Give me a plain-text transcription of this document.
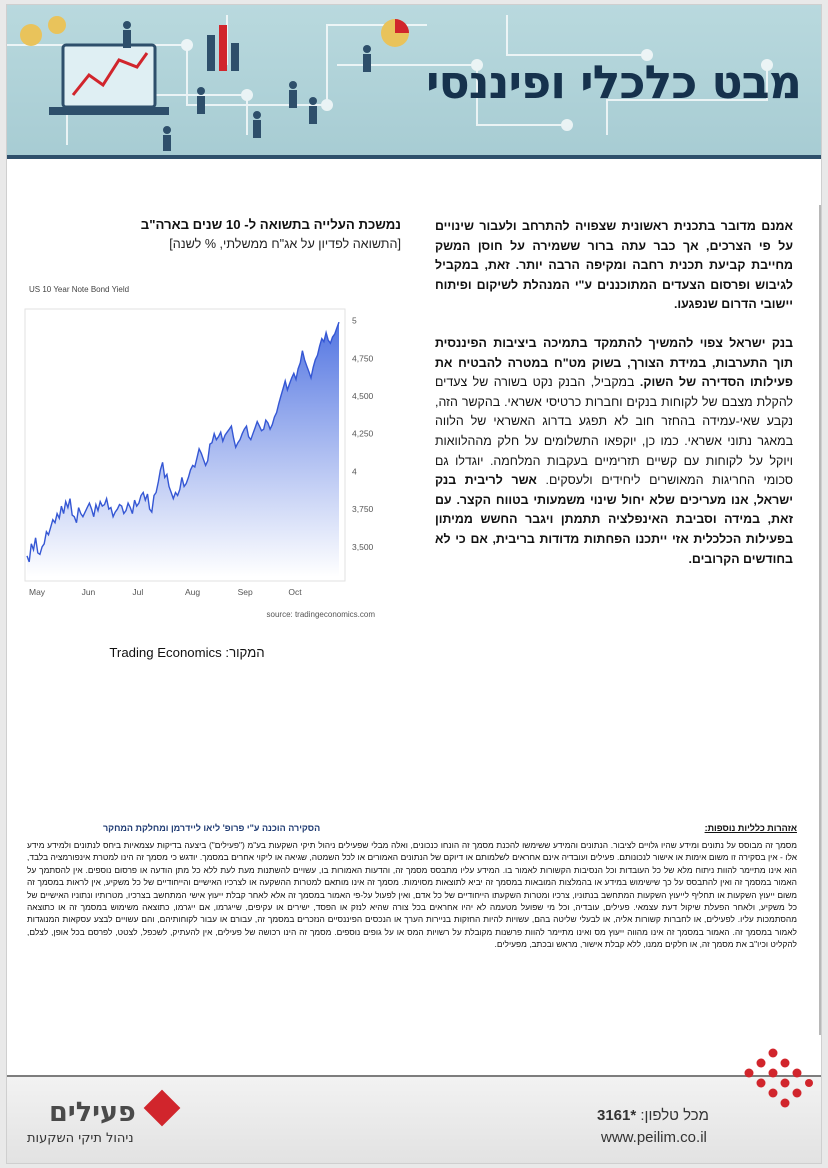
מבט כלכלי ופיננסי

אמנם מדובר בתכנית ראשונית שצפויה להתרחב ולעבור שינויים על פי הצרכים, אך כבר עתה ברור ששמירה על חוסן המשק מחייבת קביעת תכנית רחבה ומקיפה הרבה יותר. זאת, במקביל לגיבוש ופרסום הצעדים המתוכננים ע"י המנהלת לשיקום ופיתוח יישובי הדרום שנפגעו.

בנק ישראל צפוי להמשיך להתמקד בתמיכה ביציבות הפיננסית תוך התערבות, במידת הצורך, בשוק מט"ח במטרה להבטיח את פעילותו הסדירה של השוק. במקביל, הבנק נקט בשורה של צעדים להקלת מצבם של לקוחות בנקים וחברות כרטיסי אשראי. בהקשר הזה, נקבע שאי-עמידה בהחזר חוב לא תפגע בדרוג האשראי של הלווה במאגר נתוני אשראי. כמו כן, יוקפאו התשלומים על חלק מההלוואות ויוקל על לקוחות עם קשיים תזרימיים בעקבות המלחמה. יוגדלו גם סכומי החריגות המאושרים ליחידים ולעסקים. אשר לריבית בנק ישראל, אנו מעריכים שלא יחול שינוי משמעותי בטווח הקצר. עם זאת, במידה וסביבת האינפלציה תתמתן ויגבר החשש ממיתון בפעילות הכלכלית אזי ייתכנו הפחתות מדודות בריבית, אם כי לא בחודשים הקרובים.

נמשכת העלייה בתשואה ל- 10 שנים בארה"ב
[התשואה לפדיון על אג"ח ממשלתי, % לשנה]
US 10 Year Note Bond Yield
3,500
3,750
4
4,250
4,500
4,750
5
May	Jun	Jul	Aug	Sep	Oct
source: tradingeconomics.com
המקור: Trading Economics
הסקירה הוכנה ע"י פרופ' ליאו ליידרמן ומחלקת המחקר	אזהרות כלליות נוספות:
מסמך זה מבוסס על נתונים ומידע שהיו גלויים לציבור. הנתונים והמידע ששימשו להכנת מסמך זה הונחו כנכונים, ואלה מבלי שפעילים ניהול תיקי השקעות בע"מ ("פעילים") ביצעה בדיקות עצמאיות ביחס לנתונים ולמידע מידע אלו - אין בסקירה זו משום אימות או אישור לנכונותם. פעילים ועובדיה אינם אחראים לשלמותם או דיוקם של הנתונים האמורים או לכל השמטה, שגיאה או ליקוי אחרים במסמך. יודגש כי מסמך זה הינו למטרת אינפורמציה בלבד, הוא אינו מתיימר להוות ניתוח מלא של כל העובדות וכל הנסיבות הקשורות לאמור בו. המידע עליו מתבסס מסמך זה, והדעות האמורות בו, עשויים להשתנות מעת לעת ללא כל מתן הודעה או פרסום נוספים. אין להסתמך על האמור במסמך זה ואין להתבסס על כך שישימוש במידע או בהמלצות המובאות במסמך זה יביא לתוצאות מסוימות. מסמך זה אינו מותאם למטרות ההשקעה או לצרכיו האישיים והייחודיים של כל משקיע, אין לראות במסמך זה משום ייעוץ השקעות או תחליף לייעוץ השקעות המתחשב בנתוניו, צרכיו ומטרות השקעתו הייחודיים של כל אדם, ואין לפעול על-פי האמור במסמך זה אלא לאחר קבלת ייעוץ אישי המתחשב בצרכיו, מטרותיו ונתוניו האישיים של כל משקיע, ולאחר הפעלת שיקול דעת עצמאי. פעילים, עובדיה, וכל מי שפועל מטעמה לא יהיו אחראים בכל צורה שהיא לנזק או הפסד, ישירים או עקיפים, שייגרמו, אם ייגרמו, כתוצאה משימוש במסמך זה או כתוצאה מהסתמכות עליו. לפעילים, או לחברות קשורות אליה, או לבעלי שליטה בהם, עשויות להיות החזקות בניירות הערך או הנכסים הפיננסיים הנזכרים במסמך זה, עבורם או עבור לקוחותיהם, והם עשויים לבצע עסקאות המנוגדות לאמור במסמך זה. האמור במסמך זה אינו מהווה ייעוץ מס ואינו מתיימר להוות פרשנות מקובלת על רשויות המס או על גופים נוספים. מסמך זה הינו רכושה של פעילים, אין להעתיק, לשכפל, לצטט, לפרסם בכל אופן, לצלם, להקליט וכיו"ב את מסמך זה, או חלקים ממנו, ללא קבלת אישור, מראש ובכתב, מפעילים.
פעילים
ניהול תיקי השקעות
מכל טלפון: *3161
www.peilim.co.il
